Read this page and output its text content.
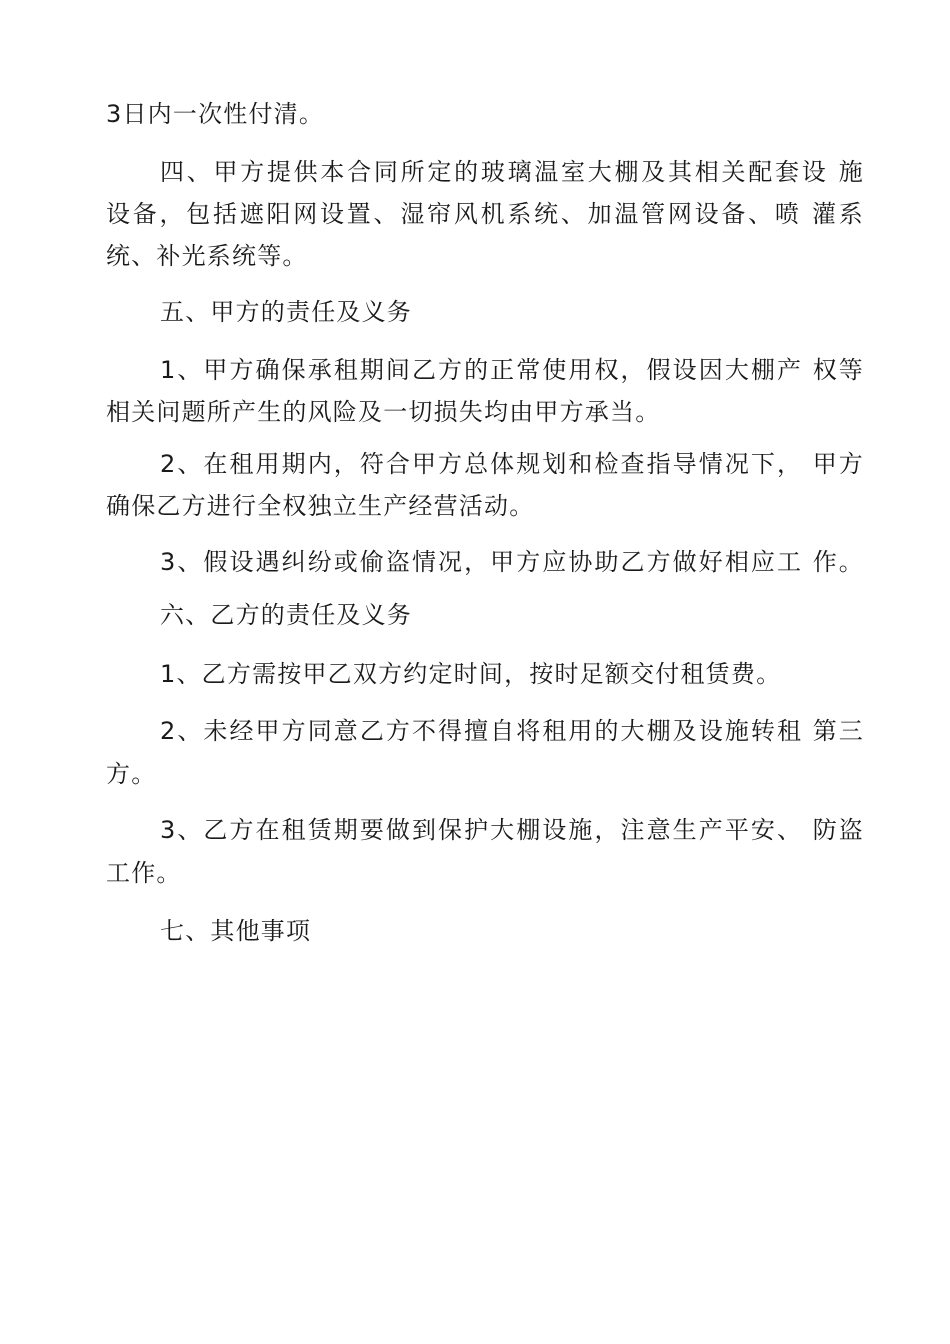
3日内一次性付清。
四、甲方提供本合同所定的玻璃温室大棚及其相关配套设 施
设备，包括遮阳网设置、湿帘风机系统、加温管网设备、喷 灌系
统、补光系统等。
五、甲方的责任及义务
1、甲方确保承租期间乙方的正常使用权，假设因大棚产 权等
相关问题所产生的风险及一切损失均由甲方承当。
2、在租用期内，符合甲方总体规划和检查指导情况下， 甲方
确保乙方进行全权独立生产经营活动。
3、假设遇纠纷或偷盗情况，甲方应协助乙方做好相应工 作。
六、乙方的责任及义务
1、乙方需按甲乙双方约定时间，按时足额交付租赁费。
2、未经甲方同意乙方不得擅自将租用的大棚及设施转租 第三
方。
3、乙方在租赁期要做到保护大棚设施，注意生产平安、 防盗
工作。
七、其他事项
